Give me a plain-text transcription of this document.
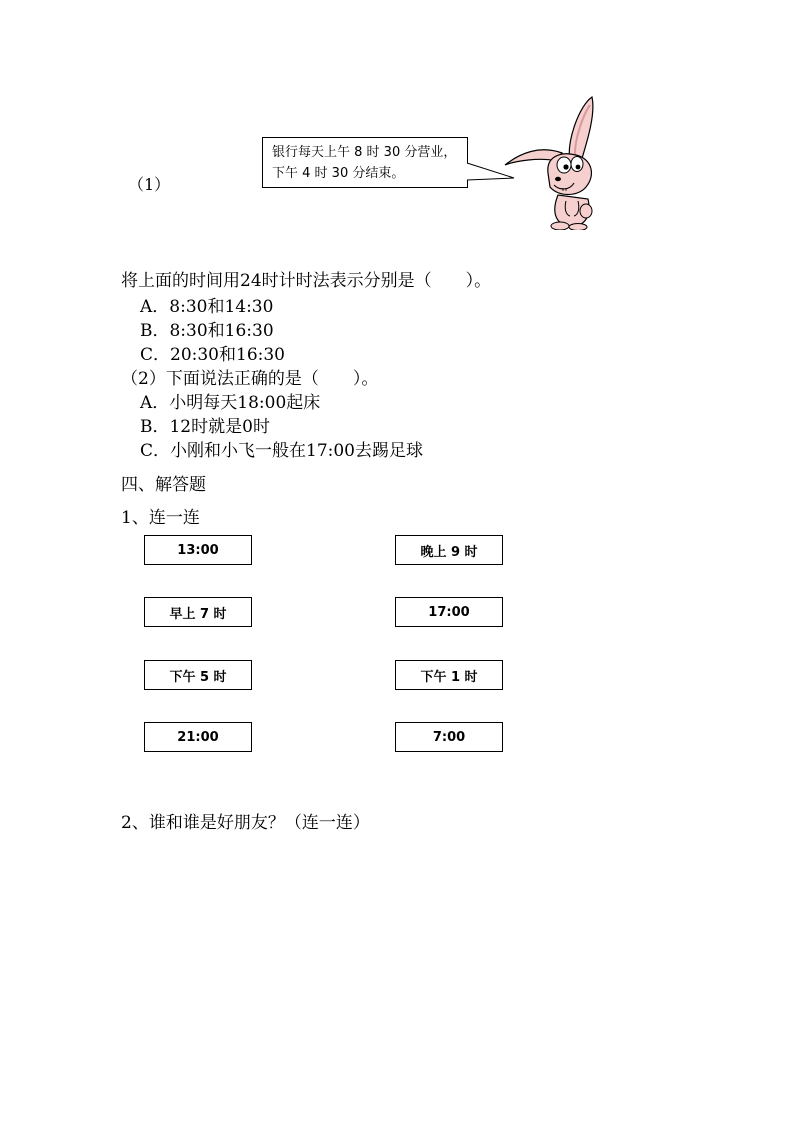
（1）
银行每天上午 8 时 30 分营业，
下午 4 时 30 分结束。
将上面的时间用24时计时法表示分别是（　　）。
A．8:30和14:30
B．8:30和16:30
C．20:30和16:30
（2）下面说法正确的是（　　）。
A．小明每天18:00起床
B．12时就是0时
C．小刚和小飞一般在17:00去踢足球
四、解答题
1、连一连
13:00
早上 7 时
下午 5 时
21:00
晚上 9 时
17:00
下午 1 时
7:00
2、谁和谁是好朋友？（连一连）
